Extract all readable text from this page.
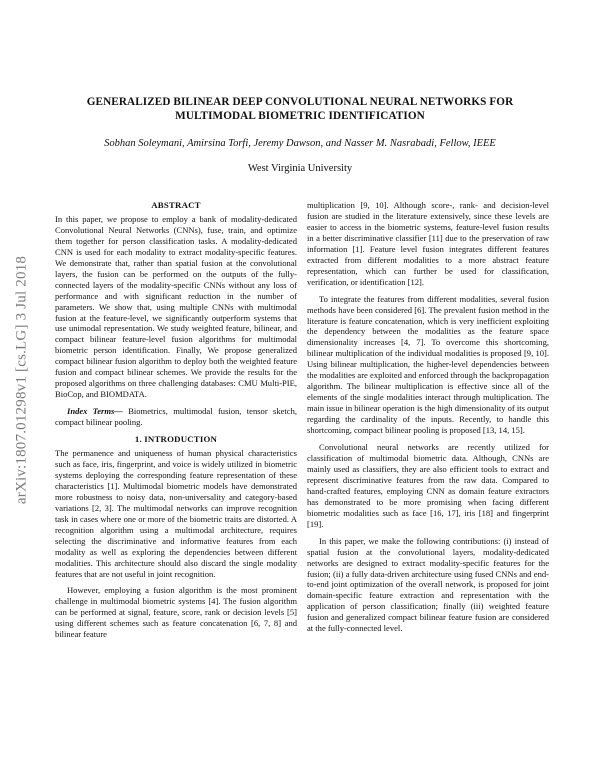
arXiv:1807.01298v1 [cs.LG] 3 Jul 2018
GENERALIZED BILINEAR DEEP CONVOLUTIONAL NEURAL NETWORKS FOR
MULTIMODAL BIOMETRIC IDENTIFICATION
Sobhan Soleymani, Amirsina Torfi, Jeremy Dawson, and Nasser M. Nasrabadi, Fellow, IEEE
West Virginia University
ABSTRACT

In this paper, we propose to employ a bank of modality-dedicated Convolutional Neural Networks (CNNs), fuse, train, and optimize them together for person classification tasks. A modality-dedicated CNN is used for each modality to extract modality-specific features. We demonstrate that, rather than spatial fusion at the convolutional layers, the fusion can be performed on the outputs of the fully-connected layers of the modality-specific CNNs without any loss of performance and with significant reduction in the number of parameters. We show that, using multiple CNNs with multimodal fusion at the feature-level, we significantly outperform systems that use unimodal representation. We study weighted feature, bilinear, and compact bilinear feature-level fusion algorithms for multimodal biometric person identification. Finally, We propose generalized compact bilinear fusion algorithm to deploy both the weighted feature fusion and compact bilinear schemes. We provide the results for the proposed algorithms on three challenging databases: CMU Multi-PIE, BioCop, and BIOMDATA.

Index Terms— Biometrics, multimodal fusion, tensor sketch, compact bilinear pooling.

1. INTRODUCTION

The permanence and uniqueness of human physical characteristics such as face, iris, fingerprint, and voice is widely utilized in biometric systems deploying the corresponding feature representation of these characteristics [1]. Multimodal biometric models have demonstrated more robustness to noisy data, non-universality and category-based variations [2, 3]. The multimodal networks can improve recognition task in cases where one or more of the biometric traits are distorted. A recognition algorithm using a multimodal architecture, requires selecting the discriminative and informative features from each modality as well as exploring the dependencies between different modalities. This architecture should also discard the single modality features that are not useful in joint recognition.

However, employing a fusion algorithm is the most prominent challenge in multimodal biometric systems [4]. The fusion algorithm can be performed at signal, feature, score, rank or decision levels [5] using different schemes such as feature concatenation [6, 7, 8] and bilinear feature

multiplication [9, 10]. Although score-, rank- and decision-level fusion are studied in the literature extensively, since these levels are easier to access in the biometric systems, feature-level fusion results in a better discriminative classifier [11] due to the preservation of raw information [1]. Feature level fusion integrates different features extracted from different modalities to a more abstract feature representation, which can further be used for classification, verification, or identification [12].

To integrate the features from different modalities, several fusion methods have been considered [6]. The prevalent fusion method in the literature is feature concatenation, which is very inefficient exploiting the dependency between the modalities as the feature space dimensionality increases [4, 7]. To overcome this shortcoming, bilinear multiplication of the individual modalities is proposed [9, 10]. Using bilinear multiplication, the higher-level dependencies between the modalities are exploited and enforced through the backpropagation algorithm. The bilinear multiplication is effective since all of the elements of the single modalities interact through multiplication. The main issue in bilinear operation is the high dimensionality of its output regarding the cardinality of the inputs. Recently, to handle this shortcoming, compact bilinear pooling is proposed [13, 14, 15].

Convolutional neural networks are recently utilized for classification of multimodal biometric data. Although, CNNs are mainly used as classifiers, they are also efficient tools to extract and represent discriminative features from the raw data. Compared to hand-crafted features, employing CNN as domain feature extractors has demonstrated to be more promising when facing different biometric modalities such as face [16, 17], iris [18] and fingerprint [19].

In this paper, we make the following contributions: (i) instead of spatial fusion at the convolutional layers, modality-dedicated networks are designed to extract modality-specific features for the fusion; (ii) a fully data-driven architecture using fused CNNs and end-to-end joint optimization of the overall network, is proposed for joint domain-specific feature extraction and representation with the application of person classification; finally (iii) weighted feature fusion and generalized compact bilinear feature fusion are considered at the fully-connected level.
